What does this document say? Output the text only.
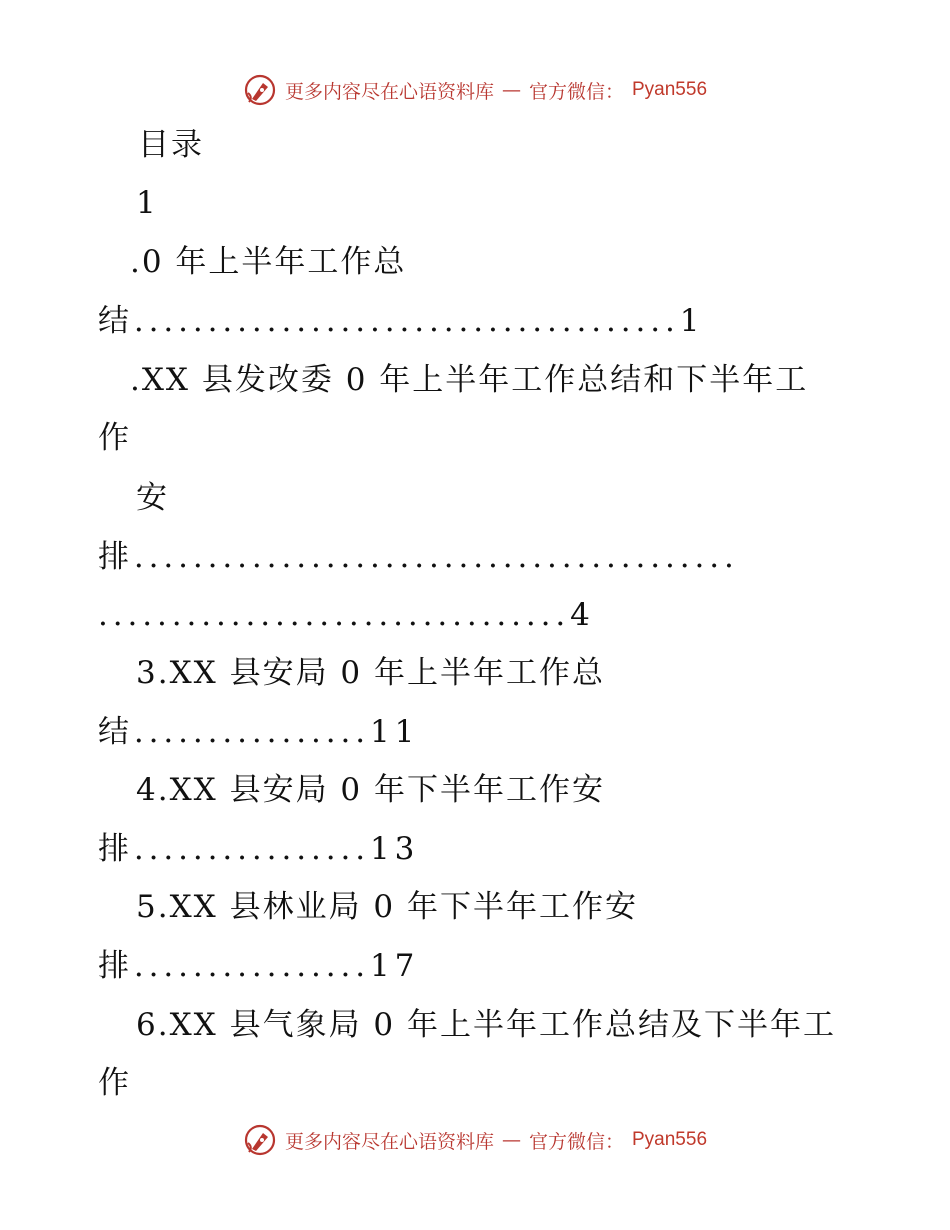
更多内容尽在心语资料库 — 官方微信： Pyan556
目录
1
.0 年上半年工作总
结.....................................1
.XX 县发改委 0 年上半年工作总结和下半年工
作
安
排.........................................
................................4
3.XX 县安局 0 年上半年工作总
结................11
4.XX 县安局 0 年下半年工作安
排................13
5.XX 县林业局 0 年下半年工作安
排................17
6.XX 县气象局 0 年上半年工作总结及下半年工
作
更多内容尽在心语资料库 — 官方微信： Pyan556
